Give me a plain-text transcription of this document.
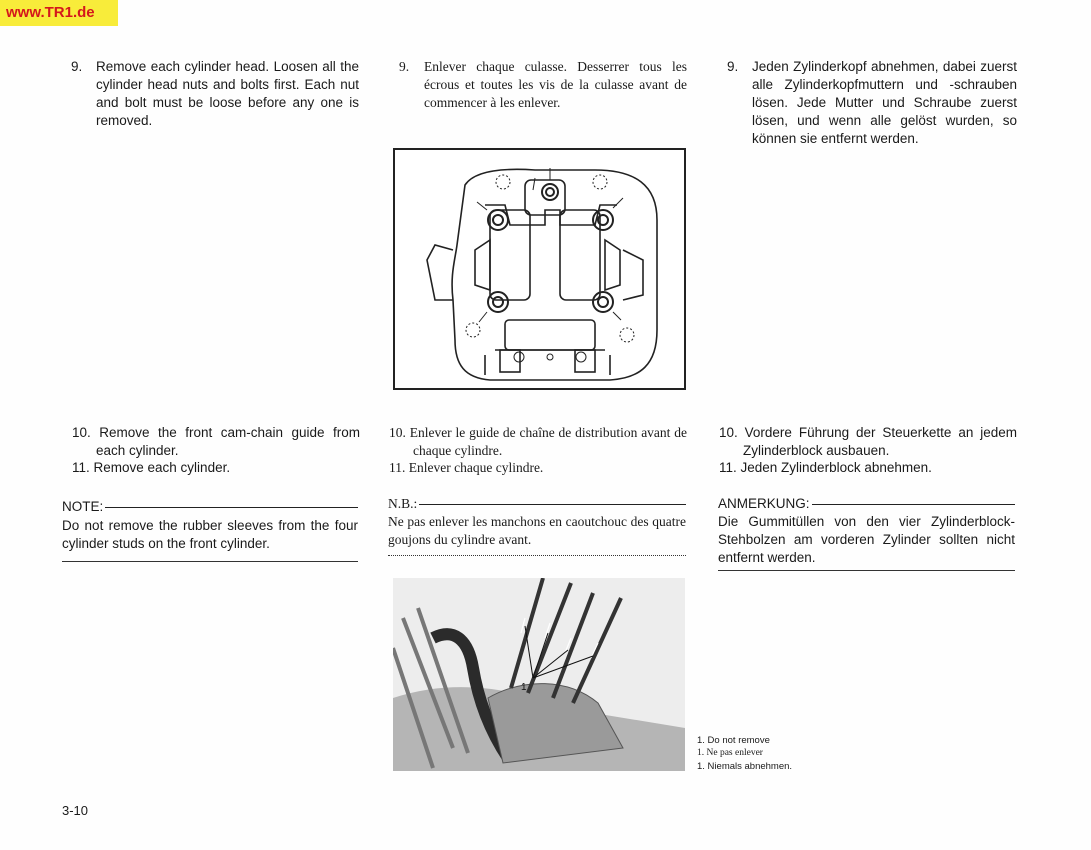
www.TR1.de
9. Remove each cylinder head. Loosen all the cylinder head nuts and bolts first. Each nut and bolt must be loose before any one is removed.
9. Enlever chaque culasse. Desserrer tous les écrous et toutes les vis de la culasse avant de commencer à les enlever.
9. Jeden Zylinderkopf abnehmen, dabei zuerst alle Zylinderkopfmuttern und -schrauben lösen. Jede Mutter und Schraube zuerst lösen, und wenn alle gelöst wurden, so können sie entfernt werden.
10. Remove the front cam-chain guide from each cylinder.
11. Remove each cylinder.
10. Enlever le guide de chaîne de distribution avant de chaque cylindre.
11. Enlever chaque cylindre.
10. Vordere Führung der Steuerkette an jedem Zylinderblock ausbauen.
11. Jeden Zylinderblock abnehmen.
NOTE:
Do not remove the rubber sleeves from the four cylinder studs on the front cylinder.
N.B.:
Ne pas enlever les manchons en caoutchouc des quatre goujons du cylindre avant.
ANMERKUNG:
Die Gummitüllen von den vier Zylinderblock-Stehbolzen am vorderen Zylinder sollten nicht entfernt werden.
1
1. Do not remove
1. Ne pas enlever
1. Niemals abnehmen.
3-10
